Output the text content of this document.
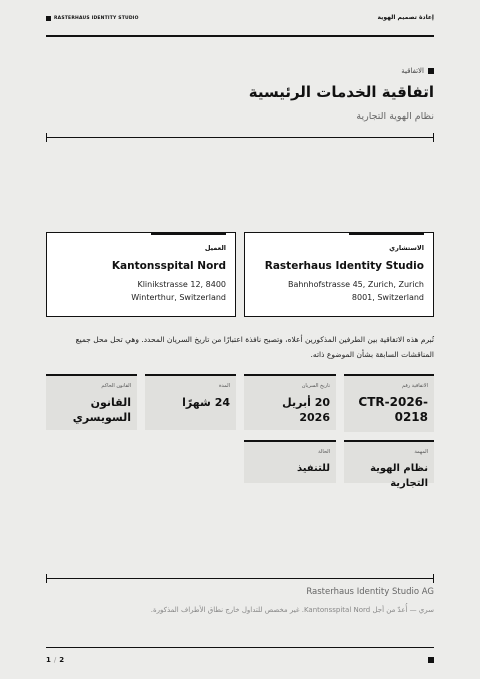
RASTERHAUS IDENTITY STUDIO	إعادة تصميم الهوية
الاتفاقية
اتفاقية الخدمات الرئيسية
نظام الهوية التجارية
الاستشاري
Rasterhaus Identity Studio
Bahnhofstrasse 45, Zurich, Zurich
8001, Switzerland
العميل
Kantonsspital Nord
Klinikstrasse 12, 8400
Winterthur, Switzerland
تُبرم هذه الاتفاقية بين الطرفين المذكورين أعلاه، وتصبح نافذة اعتبارًا من تاريخ السريان المحدد. وهي تحل محل جميع المناقشات السابقة بشأن الموضوع ذاته.
الاتفاقية رقم
CTR-2026-0218
تاريخ السريان
20 أبريل 2026
المدة
24 شهرًا
القانون الحاكم
القانون السويسري
المهمة
نظام الهوية التجارية
الحالة
للتنفيذ
Rasterhaus Identity Studio AG
سري — أُعدّ من أجل Kantonsspital Nord. غير مخصص للتداول خارج نطاق الأطراف المذكورة.
1 / 2
